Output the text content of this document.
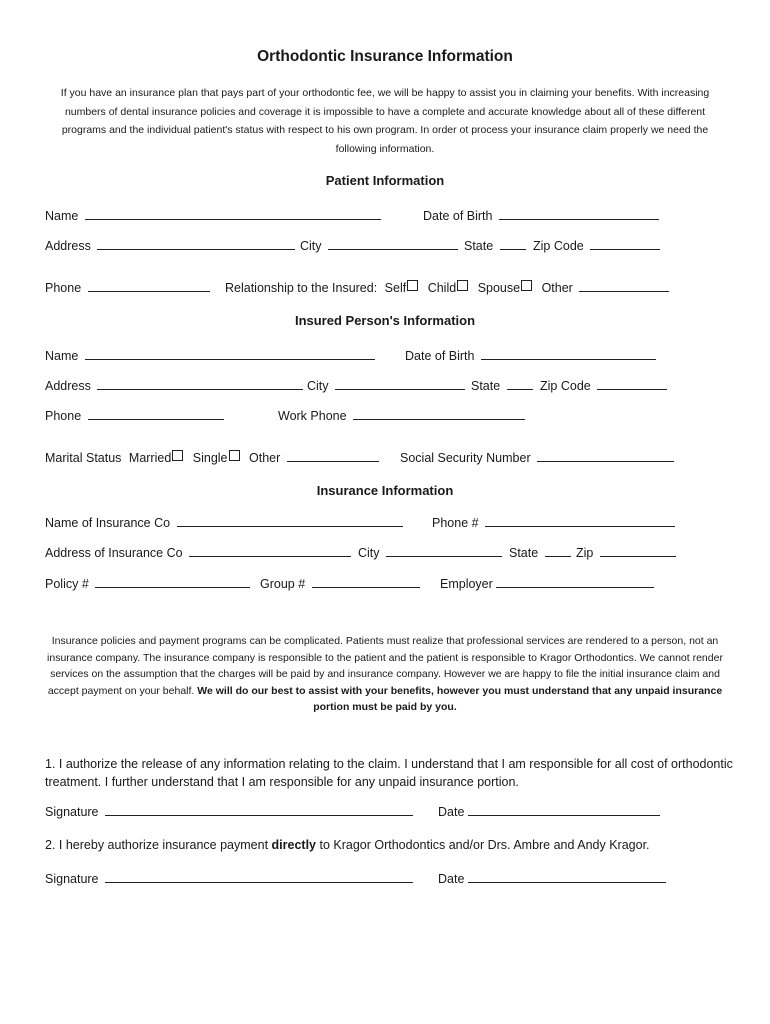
Orthodontic Insurance Information
If you have an insurance plan that pays part of your orthodontic fee, we will be happy to assist you in claiming your benefits. With increasing numbers of dental insurance policies and coverage it is impossible to have a complete and accurate knowledge about all of these different programs and the individual patient's status with respect to his own program. In order ot process your insurance claim properly we need the following information.
Patient Information
Name	Date of Birth
Address	City	State	Zip Code
Phone	Relationship to the Insured: Self Child Spouse Other
Insured Person's Information
Name	Date of Birth
Address	City	State	Zip Code
Phone	Work Phone
Marital Status Married Single Other	Social Security Number
Insurance Information
Name of Insurance Co	Phone #
Address of Insurance Co	City	State	Zip
Policy #	Group #	Employer
Insurance policies and payment programs can be complicated. Patients must realize that professional services are rendered to a person, not an insurance company. The insurance company is responsible to the patient and the patient is responsible to Kragor Orthodontics. We cannot render services on the assumption that the charges will be paid by and insurance company. However we are happy to file the initial insurance claim and accept payment on your behalf. We will do our best to assist with your benefits, however you must understand that any unpaid insurance portion must be paid by you.
1. I authorize the release of any information relating to the claim. I understand that I am responsible for all cost of orthodontic treatment. I further understand that I am responsible for any unpaid insurance portion.
Signature	Date
2. I hereby authorize insurance payment directly to Kragor Orthodontics and/or Drs. Ambre and Andy Kragor.
Signature	Date
